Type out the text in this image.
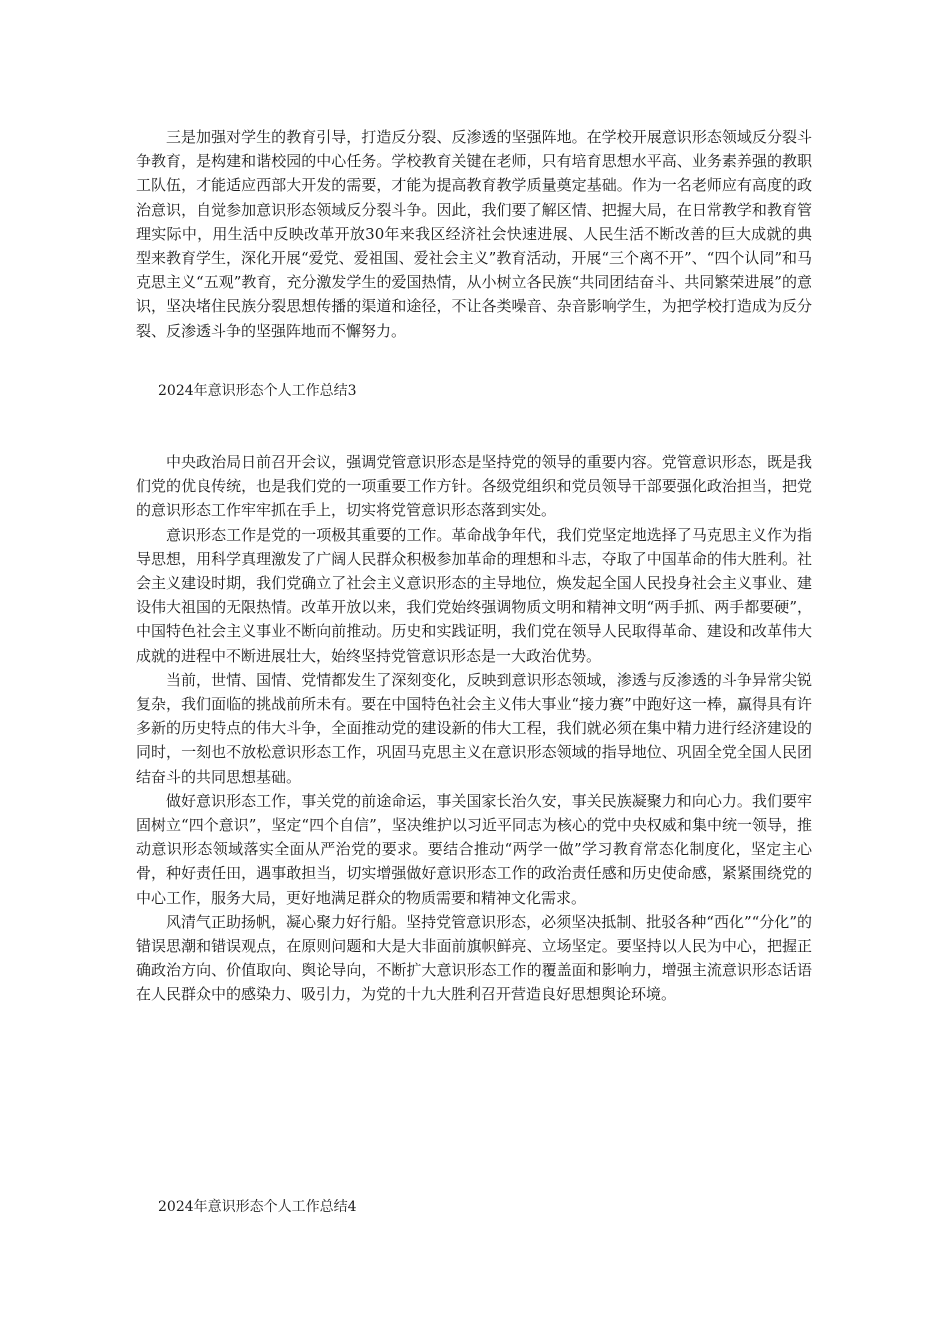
三是加强对学生的教育引导，打造反分裂、反渗透的坚强阵地。在学校开展意识形态领域反分裂斗争教育，是构建和谐校园的中心任务。学校教育关键在老师，只有培育思想水平高、业务素养强的教职工队伍，才能适应西部大开发的需要，才能为提高教育教学质量奠定基础。作为一名老师应有高度的政治意识，自觉参加意识形态领域反分裂斗争。因此，我们要了解区情、把握大局，在日常教学和教育管理实际中，用生活中反映改革开放30年来我区经济社会快速进展、人民生活不断改善的巨大成就的典型来教育学生，深化开展“爱党、爱祖国、爱社会主义”教育活动，开展“三个离不开”、“四个认同”和马克思主义“五观”教育，充分激发学生的爱国热情，从小树立各民族“共同团结奋斗、共同繁荣进展”的意识，坚决堵住民族分裂思想传播的渠道和途径，不让各类噪音、杂音影响学生，为把学校打造成为反分裂、反渗透斗争的坚强阵地而不懈努力。

2024年意识形态个人工作总结3

中央政治局日前召开会议，强调党管意识形态是坚持党的领导的重要内容。党管意识形态，既是我们党的优良传统，也是我们党的一项重要工作方针。各级党组织和党员领导干部要强化政治担当，把党的意识形态工作牢牢抓在手上，切实将党管意识形态落到实处。

意识形态工作是党的一项极其重要的工作。革命战争年代，我们党坚定地选择了马克思主义作为指导思想，用科学真理激发了广阔人民群众积极参加革命的理想和斗志，夺取了中国革命的伟大胜利。社会主义建设时期，我们党确立了社会主义意识形态的主导地位，焕发起全国人民投身社会主义事业、建设伟大祖国的无限热情。改革开放以来，我们党始终强调物质文明和精神文明“两手抓、两手都要硬”，中国特色社会主义事业不断向前推动。历史和实践证明，我们党在领导人民取得革命、建设和改革伟大成就的进程中不断进展壮大，始终坚持党管意识形态是一大政治优势。

当前，世情、国情、党情都发生了深刻变化，反映到意识形态领域，渗透与反渗透的斗争异常尖锐复杂，我们面临的挑战前所未有。要在中国特色社会主义伟大事业“接力赛”中跑好这一棒，赢得具有许多新的历史特点的伟大斗争，全面推动党的建设新的伟大工程，我们就必须在集中精力进行经济建设的同时，一刻也不放松意识形态工作，巩固马克思主义在意识形态领域的指导地位、巩固全党全国人民团结奋斗的共同思想基础。

做好意识形态工作，事关党的前途命运，事关国家长治久安，事关民族凝聚力和向心力。我们要牢固树立“四个意识”，坚定“四个自信”，坚决维护以习近平同志为核心的党中央权威和集中统一领导，推动意识形态领域落实全面从严治党的要求。要结合推动“两学一做”学习教育常态化制度化，坚定主心骨，种好责任田，遇事敢担当，切实增强做好意识形态工作的政治责任感和历史使命感，紧紧围绕党的中心工作，服务大局，更好地满足群众的物质需要和精神文化需求。

风清气正助扬帆，凝心聚力好行船。坚持党管意识形态，必须坚决抵制、批驳各种“西化”“分化”的错误思潮和错误观点，在原则问题和大是大非面前旗帜鲜亮、立场坚定。要坚持以人民为中心，把握正确政治方向、价值取向、舆论导向，不断扩大意识形态工作的覆盖面和影响力，增强主流意识形态话语在人民群众中的感染力、吸引力，为党的十九大胜利召开营造良好思想舆论环境。

2024年意识形态个人工作总结4
